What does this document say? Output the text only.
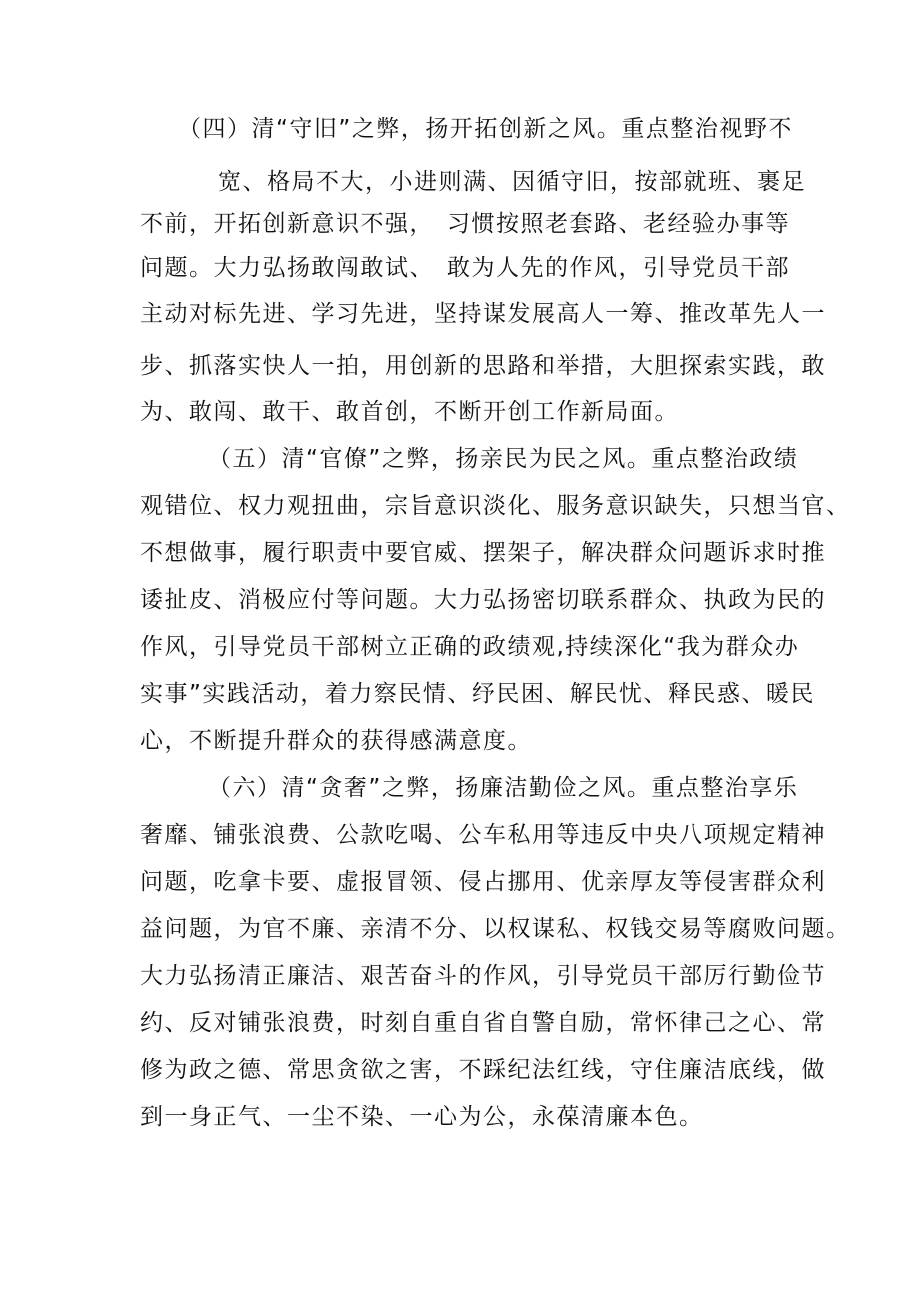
（四）清“守旧”之弊，扬开拓创新之风。重点整治视野不
宽、格局不大，小进则满、因循守旧，按部就班、裹足
不前，开拓创新意识不强，　习惯按照老套路、老经验办事等
问题。大力弘扬敢闯敢试、　敢为人先的作风，引导党员干部
主动对标先进、学习先进，坚持谋发展高人一筹、推改革先人一
步、抓落实快人一拍，用创新的思路和举措，大胆探索实践，敢
为、敢闯、敢干、敢首创，不断开创工作新局面。
（五）清“官僚”之弊，扬亲民为民之风。重点整治政绩
观错位、权力观扭曲，宗旨意识淡化、服务意识缺失，只想当官、
不想做事，履行职责中要官威、摆架子，解决群众问题诉求时推
诿扯皮、消极应付等问题。大力弘扬密切联系群众、执政为民的
作风，引导党员干部树立正确的政绩观,持续深化“我为群众办
实事”实践活动，着力察民情、纾民困、解民忧、释民惑、暖民
心，不断提升群众的获得感满意度。
（六）清“贪奢”之弊，扬廉洁勤俭之风。重点整治享乐
奢靡、铺张浪费、公款吃喝、公车私用等违反中央八项规定精神
问题，吃拿卡要、虚报冒领、侵占挪用、优亲厚友等侵害群众利
益问题，为官不廉、亲清不分、以权谋私、权钱交易等腐败问题。
大力弘扬清正廉洁、艰苦奋斗的作风，引导党员干部厉行勤俭节
约、反对铺张浪费，时刻自重自省自警自励，常怀律己之心、常
修为政之德、常思贪欲之害，不踩纪法红线，守住廉洁底线，做
到一身正气、一尘不染、一心为公，永葆清廉本色。
